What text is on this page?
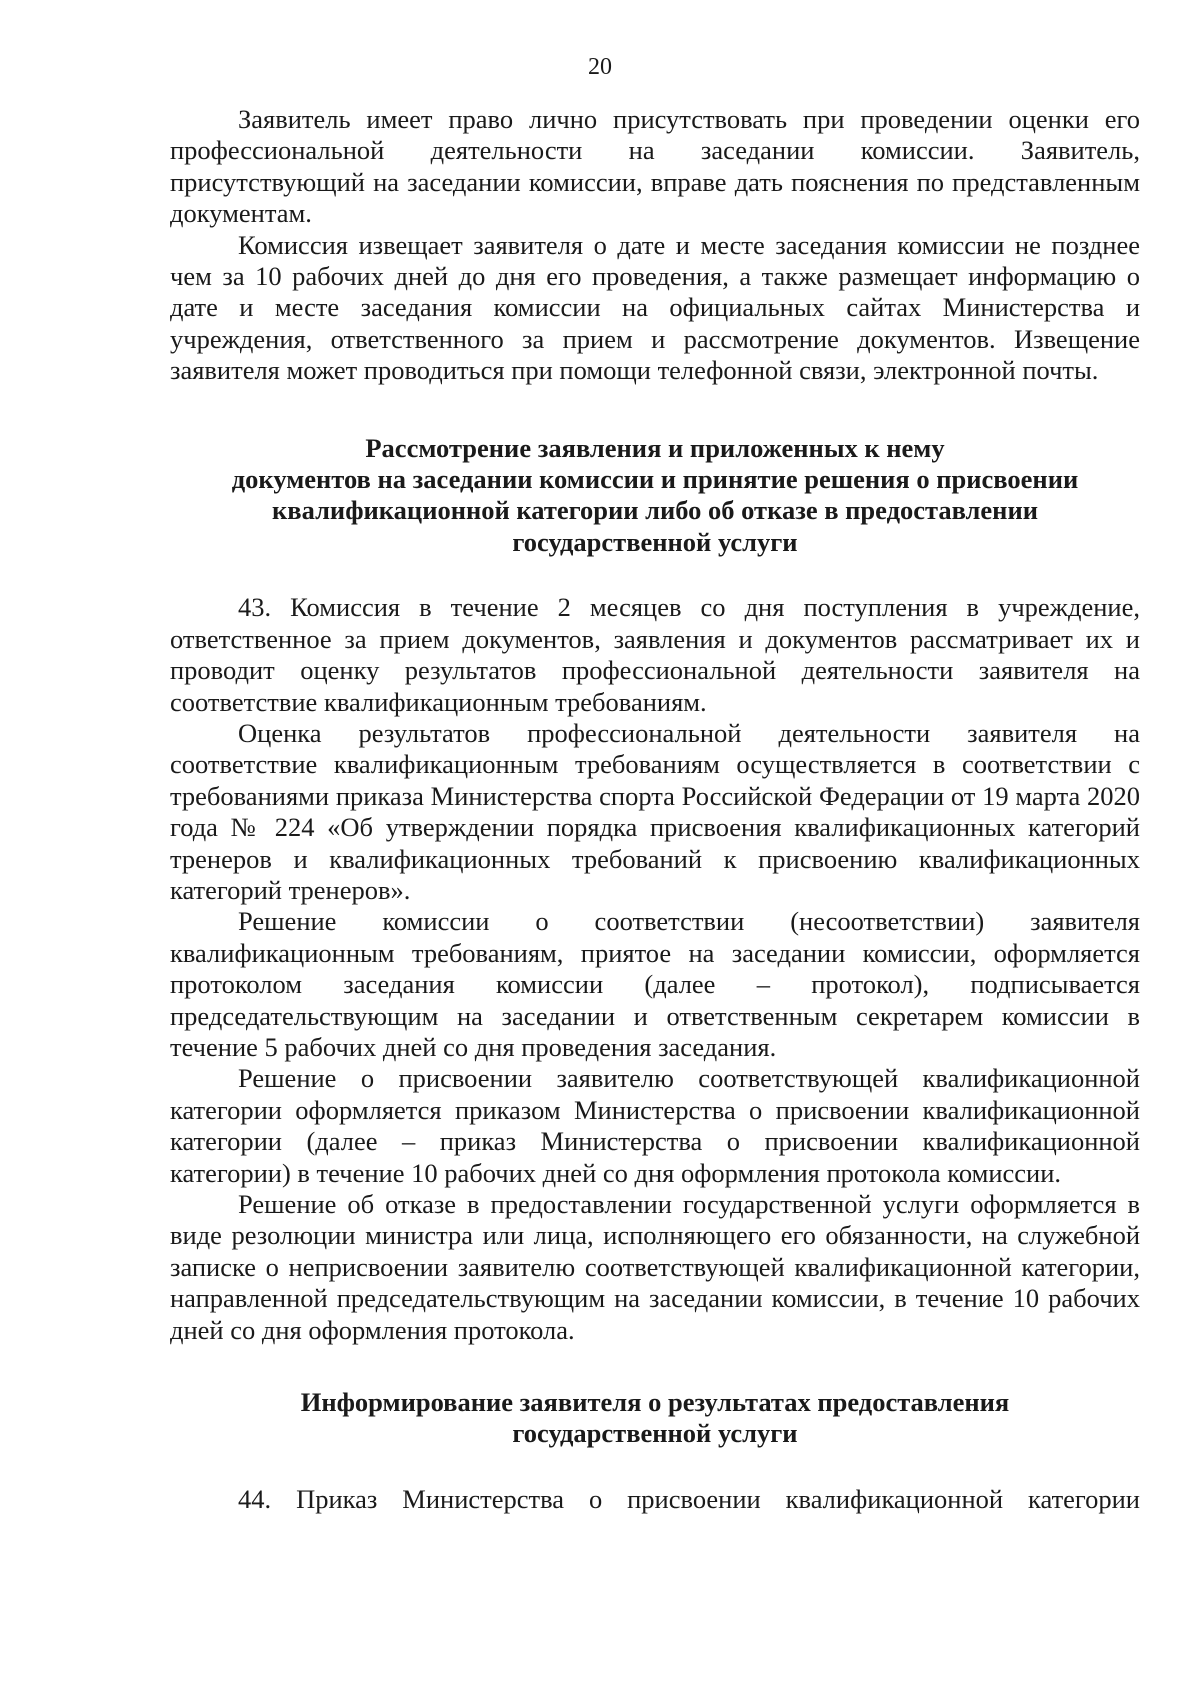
20

Заявитель имеет право лично присутствовать при проведении оценки его профессиональной деятельности на заседании комиссии. Заявитель, присутствующий на заседании комиссии, вправе дать пояснения по представленным документам.

Комиссия извещает заявителя о дате и месте заседания комиссии не позднее чем за 10 рабочих дней до дня его проведения, а также размещает информацию о дате и месте заседания комиссии на официальных сайтах Министерства и учреждения, ответственного за прием и рассмотрение документов. Извещение заявителя может проводиться при помощи телефонной связи, электронной почты.

Рассмотрение заявления и приложенных к нему
документов на заседании комиссии и принятие решения о присвоении
квалификационной категории либо об отказе в предоставлении
государственной услуги

43. Комиссия в течение 2 месяцев со дня поступления в учреждение, ответственное за прием документов, заявления и документов рассматривает их и проводит оценку результатов профессиональной деятельности заявителя на соответствие квалификационным требованиям.

Оценка результатов профессиональной деятельности заявителя на соответствие квалификационным требованиям осуществляется в соответствии с требованиями приказа Министерства спорта Российской Федерации от 19 марта 2020 года № 224 «Об утверждении порядка присвоения квалификационных категорий тренеров и квалификационных требований к присвоению квалификационных категорий тренеров».

Решение комиссии о соответствии (несоответствии) заявителя квалификационным требованиям, приятое на заседании комиссии, оформляется протоколом заседания комиссии (далее – протокол), подписывается председательствующим на заседании и ответственным секретарем комиссии в течение 5 рабочих дней со дня проведения заседания.

Решение о присвоении заявителю соответствующей квалификационной категории оформляется приказом Министерства о присвоении квалификационной категории (далее – приказ Министерства о присвоении квалификационной категории) в течение 10 рабочих дней со дня оформления протокола комиссии.

Решение об отказе в предоставлении государственной услуги оформляется в виде резолюции министра или лица, исполняющего его обязанности, на служебной записке о неприсвоении заявителю соответствующей квалификационной категории, направленной председательствующим на заседании комиссии, в течение 10 рабочих дней со дня оформления протокола.

Информирование заявителя о результатах предоставления
государственной услуги

44. Приказ Министерства о присвоении квалификационной категории
